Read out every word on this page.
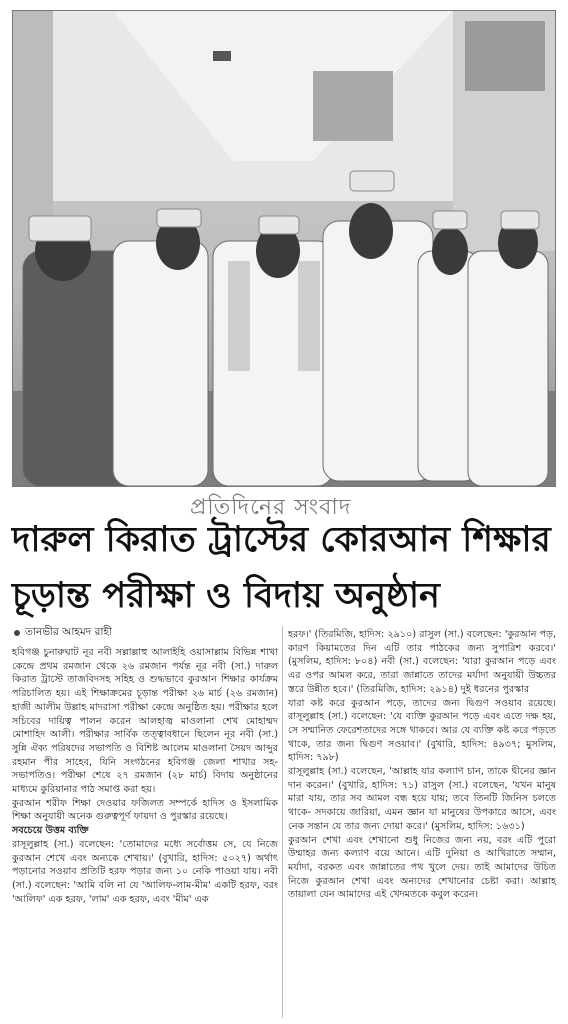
প্রতিদিনের সংবাদ
দারুল কিরাত ট্রাস্টের কোরআন শিক্ষার
চূড়ান্ত পরীক্ষা ও বিদায় অনুষ্ঠান
তানভীর আহমদ রাহী

হবিগঞ্জ চুনারুঘাট নূর নবী সল্লাল্লাহু আলাইহি ওয়াসাল্লাম বিভিন্ন শাখা কেন্দ্রে প্রথম রমজান থেকে ২৬ রমজান পর্যন্ত নূর নবী (সা.) দারুল কিরাত ট্রাস্টে তাজবিদসহ সহিহ ও শুদ্ধভাবে কুরআন শিক্ষার কার্যক্রম পরিচালিত হয়। এই শিক্ষাক্রমের চূড়ান্ত পরীক্ষা ২৬ মার্চ (২৬ রমজান) হাজী আলীম উল্লাহ মাদরাসা পরীক্ষা কেন্দ্রে অনুষ্ঠিত হয়। পরীক্ষার হলে সচিবের দায়িত্ব পালন করেন আলহাজ্ব মাওলানা শেখ মোহাম্মদ মোশাহিদ আলী। পরীক্ষার সার্বিক তত্ত্বাবধানে ছিলেন নূর নবী (সা.) সুন্নি ঐক্য পরিষদের সভাপতি ও বিশিষ্ট আলেম মাওলানা সৈয়দ আব্দুর রহমান পীর সাহেব, যিনি সংগঠনের হবিগঞ্জ জেলা শাখার সহ-সভাপতিও। পরীক্ষা শেষে ২৭ রমজান (২৮ মার্চ) বিদায় অনুষ্ঠানের মাধ্যমে কুরিয়ানার পাঠ সমাপ্ত করা হয়।

কুরআন শরীফ শিক্ষা দেওয়ার ফজিলত সম্পর্কে হাদিস ও ইসলামিক শিক্ষা অনুযায়ী অনেক গুরুত্বপূর্ণ ফায়দা ও পুরস্কার রয়েছে।

সবচেয়ে উত্তম ব্যক্তি

রাসূলুল্লাহ (সা.) বলেছেন: 'তোমাদের মধ্যে সর্বোত্তম সে, যে নিজে কুরআন শেখে এবং অন্যকে শেখায়।' (বুখারি, হাদিস: ৫০২৭) অর্থাৎ পড়ানোর সওয়াব প্রতিটি হরফ পড়ার জন্য ১০ নেকি পাওয়া যায়। নবী (সা.) বলেছেন: 'আমি বলি না যে 'আলিফ-লাম-মীম' একটি হরফ, বরং 'আলিফ' এক হরফ, 'লাম' এক হরফ, এবং 'মীম' এক

হরফ।' (তিরমিজি, হাদিস: ২৯১০) রাসুল (সা.) বলেছেন: 'কুরআন পড়, কারণ কিয়ামতের দিন এটি তার পাঠকের জন্য সুপারিশ করবে।' (মুসলিম, হাদিস: ৮০৪) নবী (সা.) বলেছেন: 'যারা কুরআন পড়ে এবং এর ওপর আমল করে, তারা জান্নাতে তাদের মর্যাদা অনুযায়ী উচ্চতর স্তরে উন্নীত হবে।' (তিরমিজি, হাদিস: ২৯১৪) দুই ধরনের পুরস্কার

যারা কষ্ট করে কুরআন পড়ে, তাদের জন্য দ্বিগুণ সওয়াব রয়েছে। রাসূলুল্লাহ (সা.) বলেছেন: 'যে ব্যক্তি কুরআন পড়ে এবং এতে দক্ষ হয়, সে সম্মানিত ফেরেশতাদের সঙ্গে থাকবে। আর যে ব্যক্তি কষ্ট করে পড়তে থাকে, তার জন্য দ্বিগুণ সওয়াব।' (বুখারি, হাদিস: ৪৯৩৭; মুসলিম, হাদিস: ৭৯৮)

রাসূলুল্লাহ (সা.) বলেছেন, 'আল্লাহ যার কল্যাণ চান, তাকে দ্বীনের জ্ঞান দান করেন।' (বুখারি, হাদিস: ৭১) রাসুল (সা.) বলেছেন, 'যখন মানুষ মারা যায়, তার সব আমল বন্ধ হয়ে যায়; তবে তিনটি জিনিস চলতে থাকে- সদকায়ে জারিয়া, এমন জ্ঞান যা মানুষের উপকারে আসে, এবং নেক সন্তান যে তার জন্য দোয়া করে।' (মুসলিম, হাদিস: ১৬৩১)

কুরআন শেখা এবং শেখানো শুধু নিজের জন্য নয়, বরং এটি পুরো উম্মাহর জন্য কল্যাণ বয়ে আনে। এটি দুনিয়া ও আখিরাতে সম্মান, মর্যাদা, বরকত এবং জান্নাতের পথ খুলে দেয়। তাই আমাদের উচিত নিজে কুরআন শেখা এবং অন্যদের শেখানোর চেষ্টা করা। আল্লাহ তায়ালা যেন আমাদের এই খেদমতকে কবুল করেন।
